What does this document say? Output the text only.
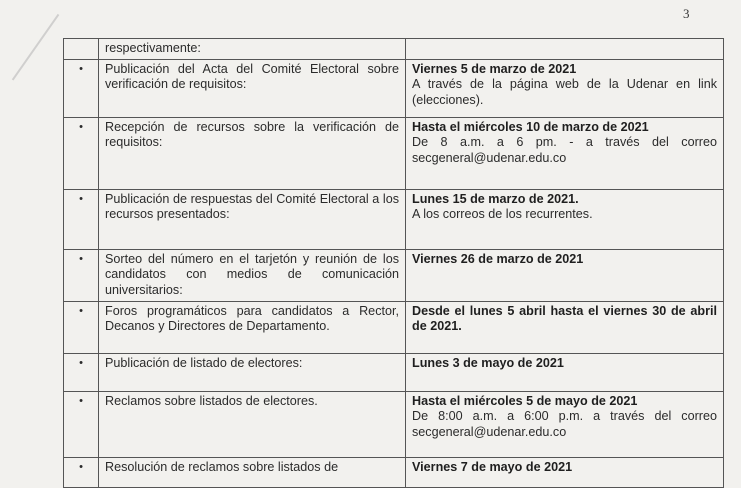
3
	respectivamente:	

•	Publicación del Acta del Comité Electoral sobre verificación de requisitos:	Viernes 5 de marzo de 2021
A través de la página web de la Udenar en link (elecciones).

•	Recepción de recursos sobre la verificación de requisitos:	Hasta el miércoles 10 de marzo de 2021
De 8 a.m. a 6 pm. - a través del correo secgeneral@udenar.edu.co

•	Publicación de respuestas del Comité Electoral a los recursos presentados:	Lunes 15 de marzo de 2021.
A los correos de los recurrentes.

•	Sorteo del número en el tarjetón y reunión de los candidatos con medios de comunicación universitarios:	Viernes 26 de marzo de 2021

•	Foros programáticos para candidatos a Rector, Decanos y Directores de Departamento.	Desde el lunes 5 abril hasta el viernes 30 de abril de 2021.

•	Publicación de listado de electores:	Lunes 3 de mayo de 2021

•	Reclamos sobre listados de electores.	Hasta el miércoles 5 de mayo de 2021
De 8:00 a.m. a 6:00 p.m. a través del correo secgeneral@udenar.edu.co

•	Resolución de reclamos sobre listados de	Viernes 7 de mayo de 2021
